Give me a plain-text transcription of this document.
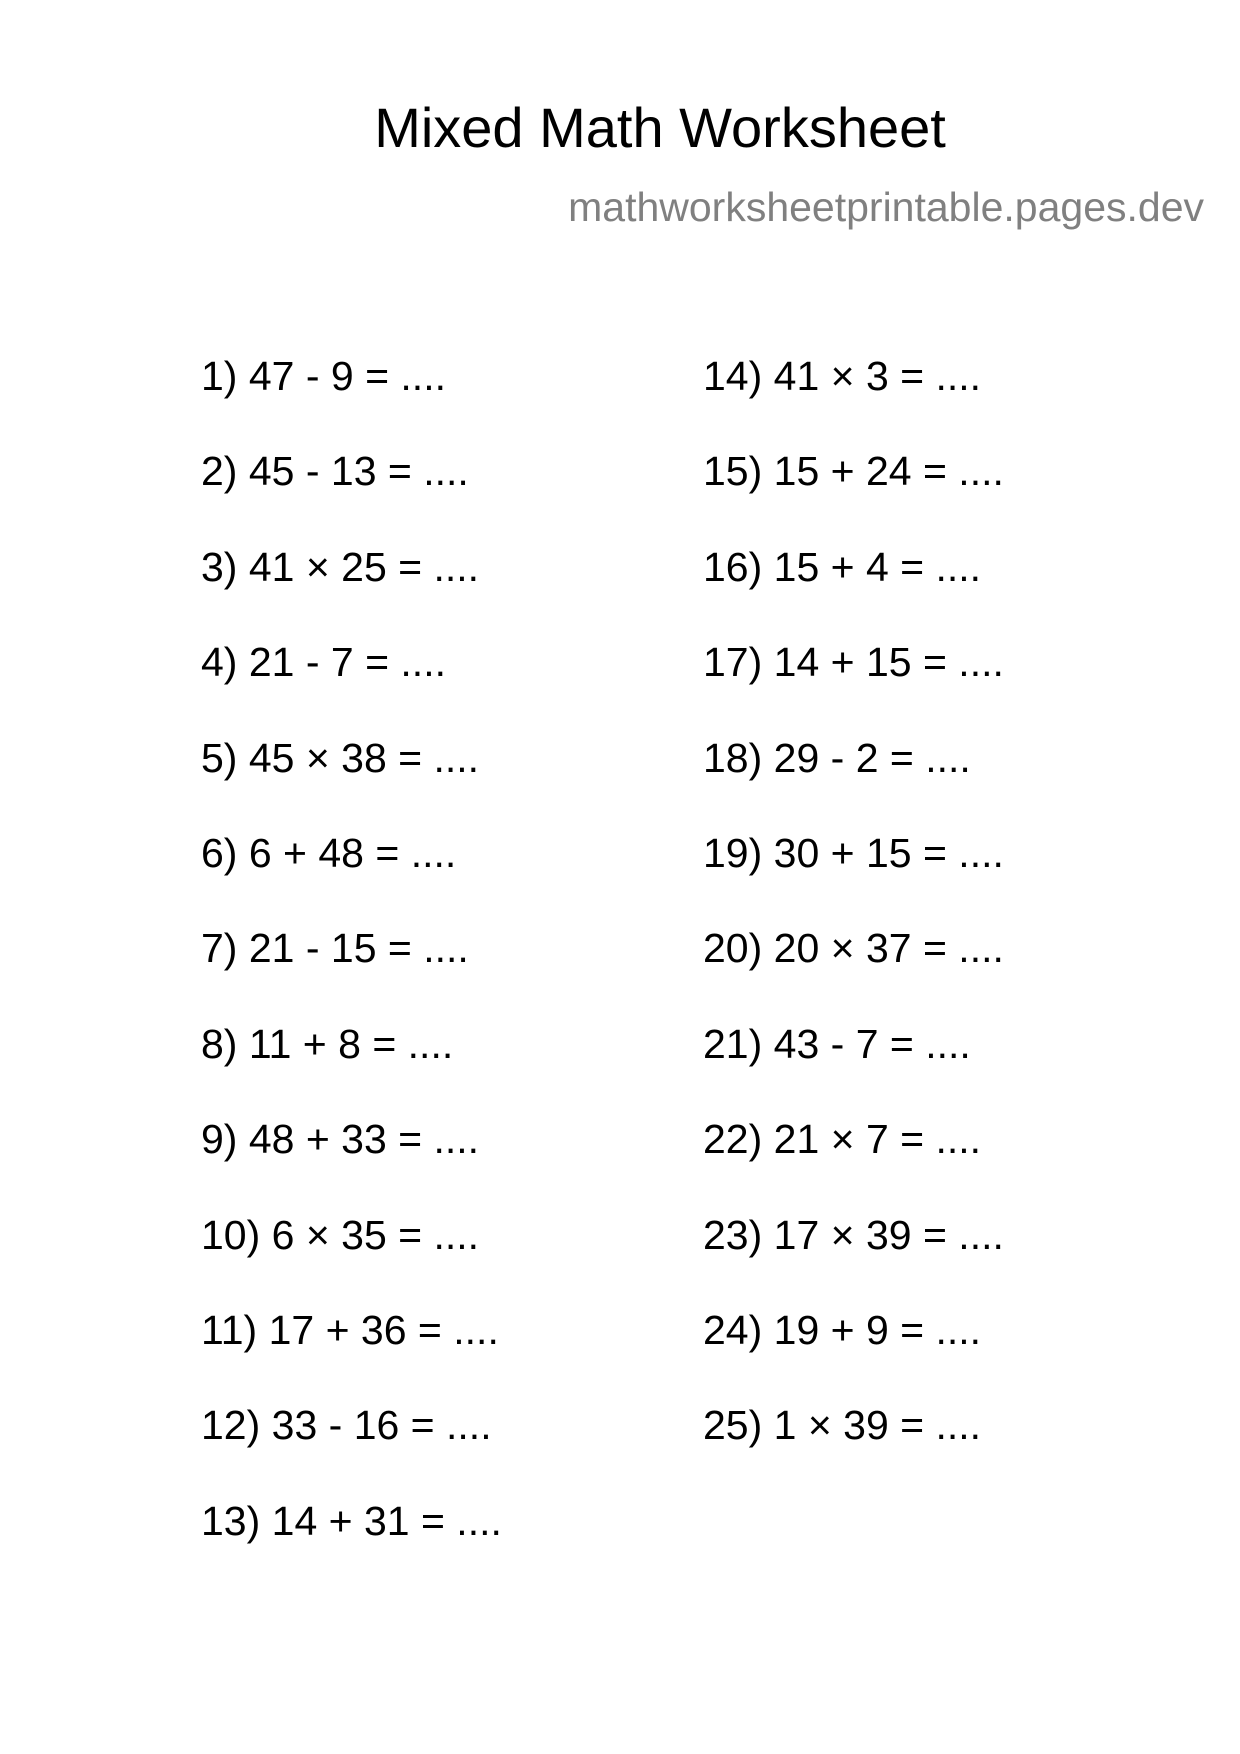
Mixed Math Worksheet
mathworksheetprintable.pages.dev
1) 47 - 9 = ....
2) 45 - 13 = ....
3) 41 × 25 = ....
4) 21 - 7 = ....
5) 45 × 38 = ....
6) 6 + 48 = ....
7) 21 - 15 = ....
8) 11 + 8 = ....
9) 48 + 33 = ....
10) 6 × 35 = ....
11) 17 + 36 = ....
12) 33 - 16 = ....
13) 14 + 31 = ....
14) 41 × 3 = ....
15) 15 + 24 = ....
16) 15 + 4 = ....
17) 14 + 15 = ....
18) 29 - 2 = ....
19) 30 + 15 = ....
20) 20 × 37 = ....
21) 43 - 7 = ....
22) 21 × 7 = ....
23) 17 × 39 = ....
24) 19 + 9 = ....
25) 1 × 39 = ....
